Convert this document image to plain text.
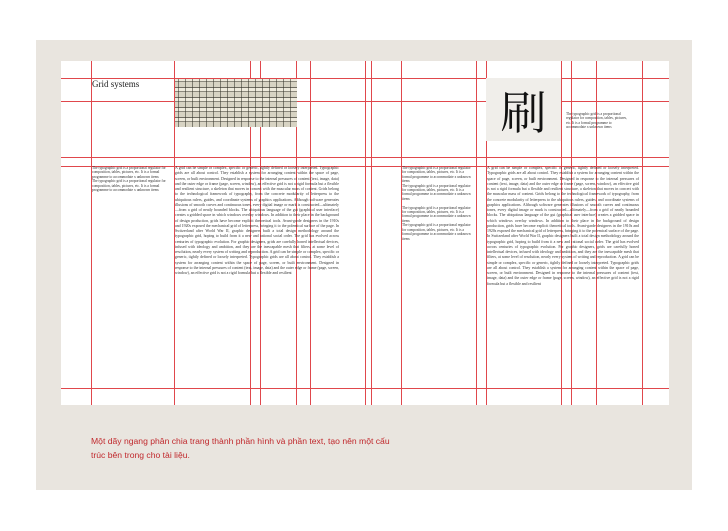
Grid systems
刷	The typographic grid is a proportional regulator for composition, tables, pictures, etc. It is a formal programme to accommodate x unknown items
The typographic grid is a proportional regulator for composition, tables, pictures, etc. It is a formal programme to accommodate x unknown items
The typographic grid is a proportional regulator for composition, tables, pictures, etc. It is a formal programme to accommodate x unknown items
A grid can be simple or complex, specific or generic, tightly defined or loosely interpreted. Typographic grids are all about control. They establish a system for arranging content within the space of page, screen, or built environment. Designed in response to the internal pressures of content (text, image, data) and the outer edge or frame (page, screen, window), an effective grid is not a rigid formula but a flexible and resilient structure, a skeleton that moves in concert with the muscular mass of content. Grids belong to the technological framework of typography, from the concrete modularity of letterpress to the ubiquitous rulers, guides, and coordinate systems of graphics applications. Although software generates illusions of smooth curves and continuous tones, every digital image or mark is constructed—ultimately—from a grid of neatly bounded blocks. The ubiquitous language of the gui (graphical user interface) creates a gridded space in which windows overlay windows. In addition to their place in the background of design production, grids have become explicit theoretical tools. Avant-garde designers in the 1910s and 1920s exposed the mechanical grid of letterpress, bringing it to the polemical surface of the page. In Switzerland after World War II, graphic designers built a total design methodology around the typographic grid, hoping to build from it a new and rational social order. The grid has evolved across centuries of typographic evolution. For graphic designers, grids are carefully honed intellectual devices, infused with ideology and ambition, and they are the inescapable mesh that filters, at some level of resolution, nearly every system of writing and reproduction. A grid can be simple or complex, specific or generic, tightly defined or loosely interpreted. Typographic grids are all about control. They establish a system for arranging content within the space of page, screen, or built environment. Designed in response to the internal pressures of content (text, image, data) and the outer edge or frame (page, screen, window), an effective grid is not a rigid formula but a flexible and resilient
The typographic grid is a proportional regulator for composition, tables, pictures, etc. It is a formal programme to accommodate x unknown items
The typographic grid is a proportional regulator for composition, tables, pictures, etc. It is a formal programme to accommodate x unknown items

The typographic grid is a proportional regulator for composition, tables, pictures, etc. It is a formal programme to accommodate x unknown items
The typographic grid is a proportional regulator for composition, tables, pictures, etc. It is a formal programme to accommodate x unknown items
A grid can be simple or complex, specific or generic, tightly defined or loosely interpreted. Typographic grids are all about control. They establish a system for arranging content within the space of page, screen, or built environment. Designed in response to the internal pressures of content (text, image, data) and the outer edge or frame (page, screen, window), an effective grid is not a rigid formula but a flexible and resilient structure, a skeleton that moves in concert with the muscular mass of content. Grids belong to the technological framework of typography, from the concrete modularity of letterpress to the ubiquitous rulers, guides, and coordinate systems of graphics applications. Although software generates illusions of smooth curves and continuous tones, every digital image or mark is constructed—ultimately—from a grid of neatly bounded blocks. The ubiquitous language of the gui (graphical user interface) creates a gridded space in which windows overlay windows. In addition to their place in the background of design production, grids have become explicit theoretical tools. Avant-garde designers in the 1910s and 1920s exposed the mechanical grid of letterpress, bringing it to the polemical surface of the page. In Switzerland after World War II, graphic designers built a total design methodology around the typographic grid, hoping to build from it a new and rational social order. The grid has evolved across centuries of typographic evolution. For graphic designers, grids are carefully honed intellectual devices, infused with ideology and ambition, and they are the inescapable mesh that filters, at some level of resolution, nearly every system of writing and reproduction. A grid can be simple or complex, specific or generic, tightly defined or loosely interpreted. Typographic grids are all about control. They establish a system for arranging content within the space of page, screen, or built environment. Designed in response to the internal pressures of content (text, image, data) and the outer edge or frame (page, screen, window), an effective grid is not a rigid formula but a flexible and resilient
Một dãy ngang phân chia trang thành phần hình và phần text, tạo nên một cấu trúc bên trong cho tài liệu.
